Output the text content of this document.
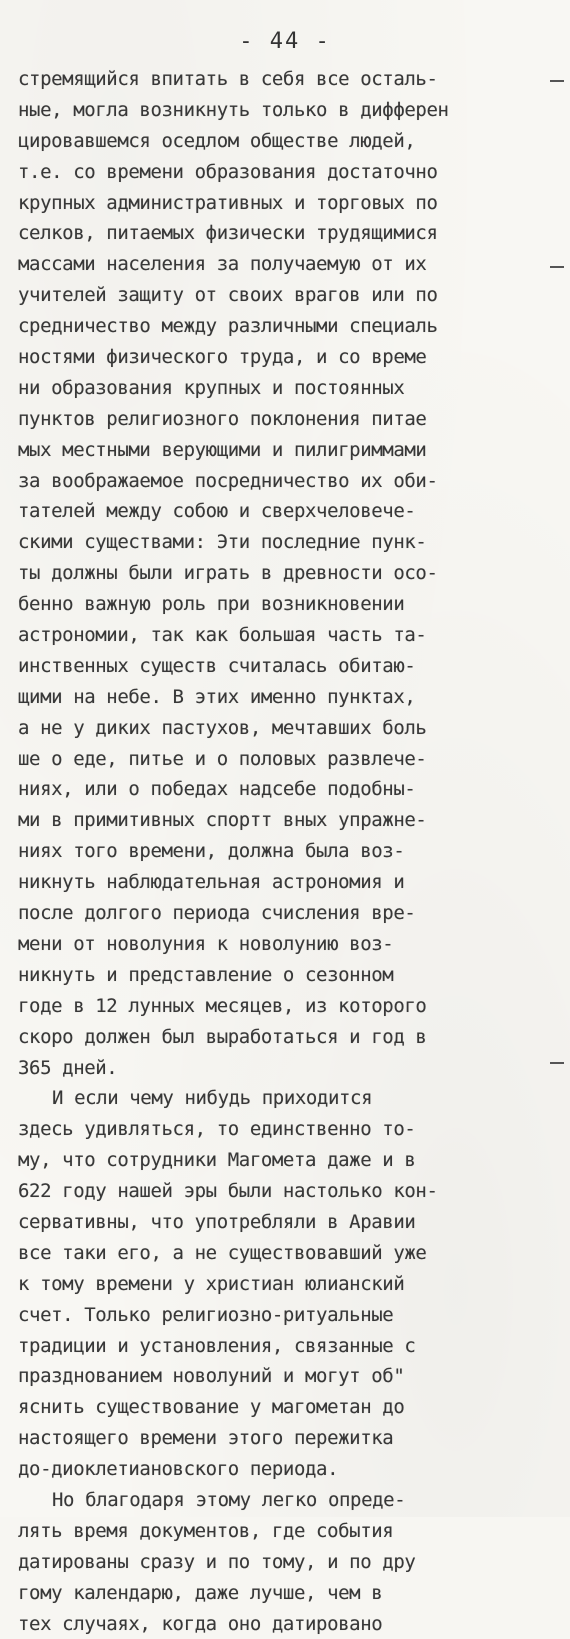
- 44 -
стремящийся впитать в себя все осталь-
ные, могла возникнуть только в дифферен
цировавшемся оседлом обществе людей,
т.е. со времени образования достаточно
крупных административных и торговых по
селков, питаемых физически трудящимися
массами населения за получаемую от их
учителей защиту от своих врагов или по
средничество между различными специаль
ностями физического труда, и со време
ни образования крупных и постоянных
пунктов религиозного поклонения питае
мых местными верующими и пилигриммами
за воображаемое посредничество их оби-
тателей между собою и сверхчеловече-
скими существами: Эти последние пунк-
ты должны были играть в древности осо-
бенно важную роль при возникновении
астрономии, так как большая часть та-
инственных существ считалась обитаю-
щими на небе. В этих именно пунктах,
а не у диких пастухов, мечтавших боль
ше о еде, питье и о половых развлече-
ниях, или о победах надсебе подобны-
ми в примитивных спортт вных упражне-
ниях того времени, должна была воз-
никнуть наблюдательная астрономия и
после долгого периода счисления вре-
мени от новолуния к новолунию воз-
никнуть и представление о сезонном
годе в 12 лунных месяцев, из которого
скоро должен был выработаться и год в
365 дней.
И если чему нибудь приходится
здесь удивляться, то единственно то-
му, что сотрудники Магомета даже и в
622 году нашей эры были настолько кон-
сервативны, что употребляли в Аравии
все таки его, а не существовавший уже
к тому времени у христиан юлианский
счет. Только религиозно-ритуальные
традиции и установления, связанные с
празднованием новолуний и могут об"
яснить существование у магометан до
настоящего времени этого пережитка
до-диоклетиановского периода.
Но благодаря этому легко опреде-
лять время документов, где события
датированы сразу и по тому, и по дру
гому календарю, даже лучше, чем в
тех случаях, когда оно датировано
